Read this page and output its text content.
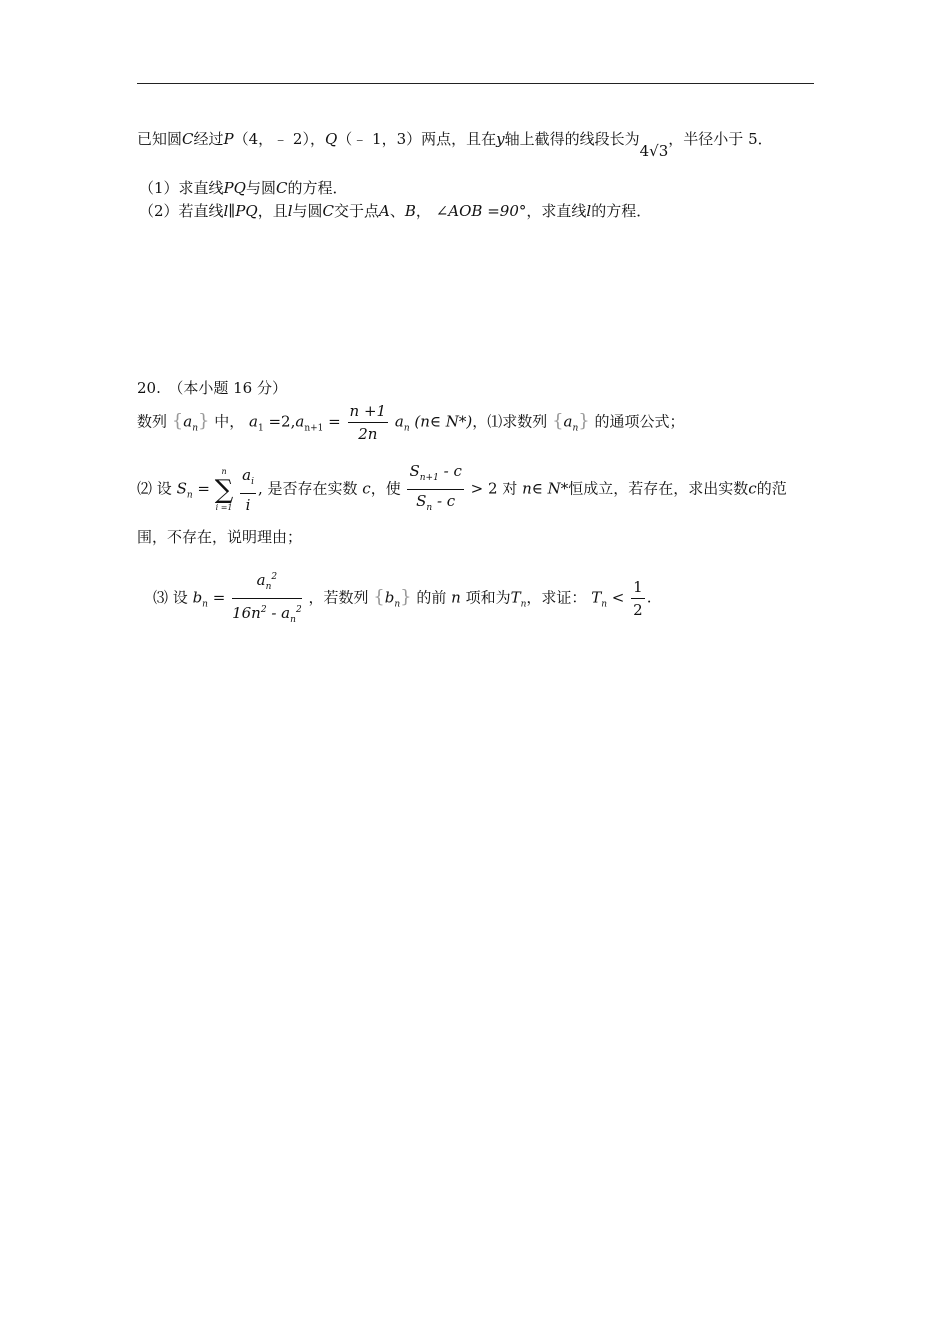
已知圆C经过P（4，﹣ 2），Q（﹣ 1，3）两点，且在y轴上截得的线段长为4√3，半径小于 5．
（1）求直线PQ与圆C的方程．
（2）若直线l∥PQ，且l与圆C交于点A、B， ∠AOB =90°，求直线l的方程．
20.　（本小题 16 分）
数列 $\{a_n\}$ 中， $a_1 =2,a_{n+1} = \frac{n +1}{2n} a_n$ (n∈ N*)，⑴求数列 $\{a_n\}$ 的通项公式；
⑵ 设 $S_n$ =
n
∑
i =1
$\frac{a_i}{i}$ , 是否存在实数 c，使 $\frac{S_{n+1} - c}{S_n - c} > 2$ 对 n∈ N*恒成立，若存在，求出实数c的范
围，不存在，说明理由；
⑶ 设 $b_n = \frac{a_n^2}{16n^2 - a_n^2}$ ，若数列 $\{b_n\}$ 的前 n 项和为$T_n$，求证： $T_n < \frac{1}{2}$ .
